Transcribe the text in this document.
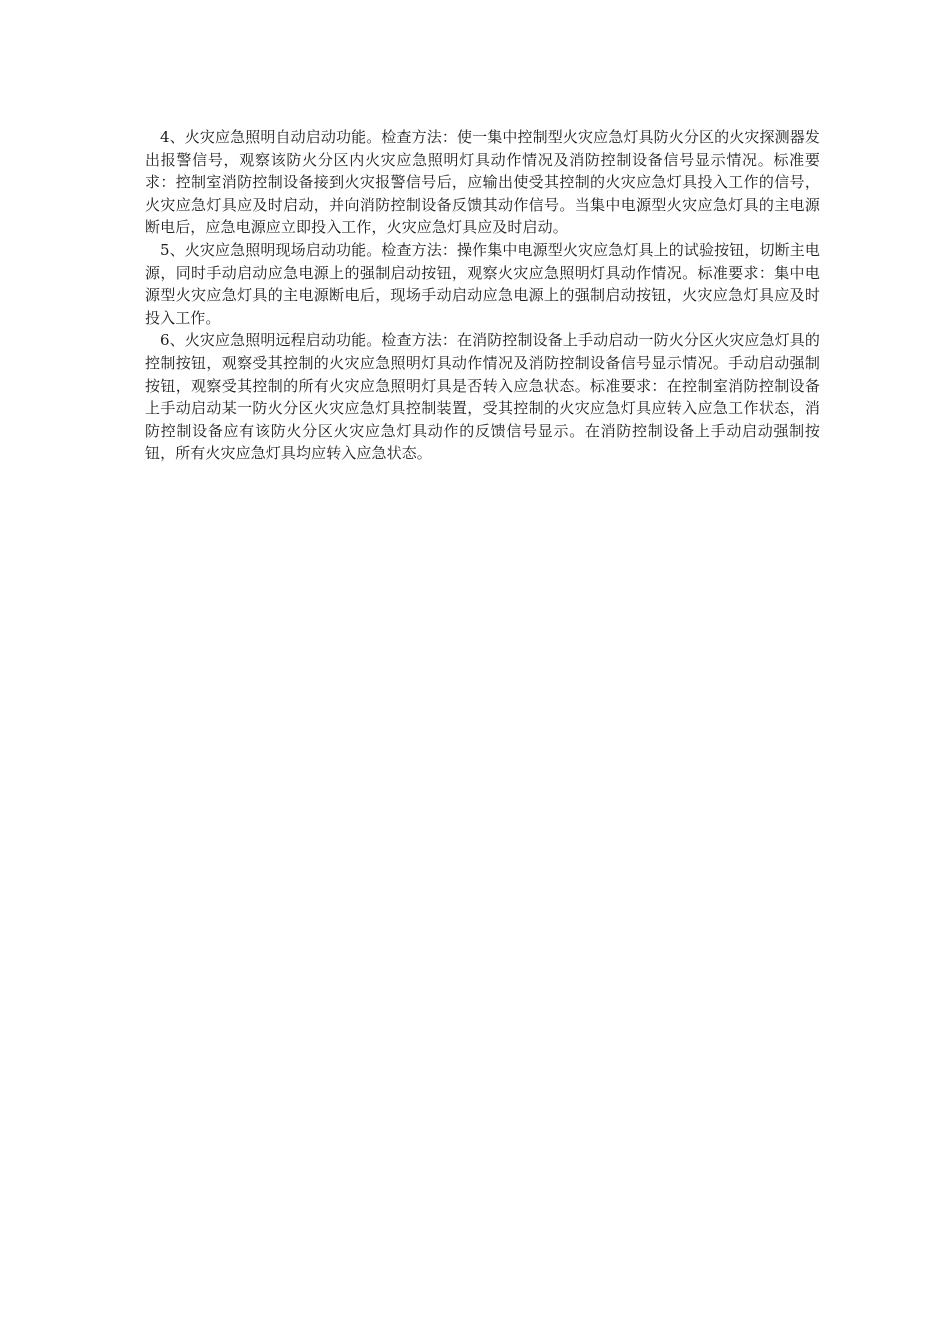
4、火灾应急照明自动启动功能。检查方法：使一集中控制型火灾应急灯具防火分区的火灾探测器发出报警信号，观察该防火分区内火灾应急照明灯具动作情况及消防控制设备信号显示情况。标准要求：控制室消防控制设备接到火灾报警信号后，应输出使受其控制的火灾应急灯具投入工作的信号，火灾应急灯具应及时启动，并向消防控制设备反馈其动作信号。当集中电源型火灾应急灯具的主电源断电后，应急电源应立即投入工作，火灾应急灯具应及时启动。

5、火灾应急照明现场启动功能。检查方法：操作集中电源型火灾应急灯具上的试验按钮，切断主电源，同时手动启动应急电源上的强制启动按钮，观察火灾应急照明灯具动作情况。标准要求：集中电源型火灾应急灯具的主电源断电后，现场手动启动应急电源上的强制启动按钮，火灾应急灯具应及时投入工作。

6、火灾应急照明远程启动功能。检查方法：在消防控制设备上手动启动一防火分区火灾应急灯具的控制按钮，观察受其控制的火灾应急照明灯具动作情况及消防控制设备信号显示情况。手动启动强制按钮，观察受其控制的所有火灾应急照明灯具是否转入应急状态。标准要求：在控制室消防控制设备上手动启动某一防火分区火灾应急灯具控制装置，受其控制的火灾应急灯具应转入应急工作状态，消防控制设备应有该防火分区火灾应急灯具动作的反馈信号显示。在消防控制设备上手动启动强制按钮，所有火灾应急灯具均应转入应急状态。
